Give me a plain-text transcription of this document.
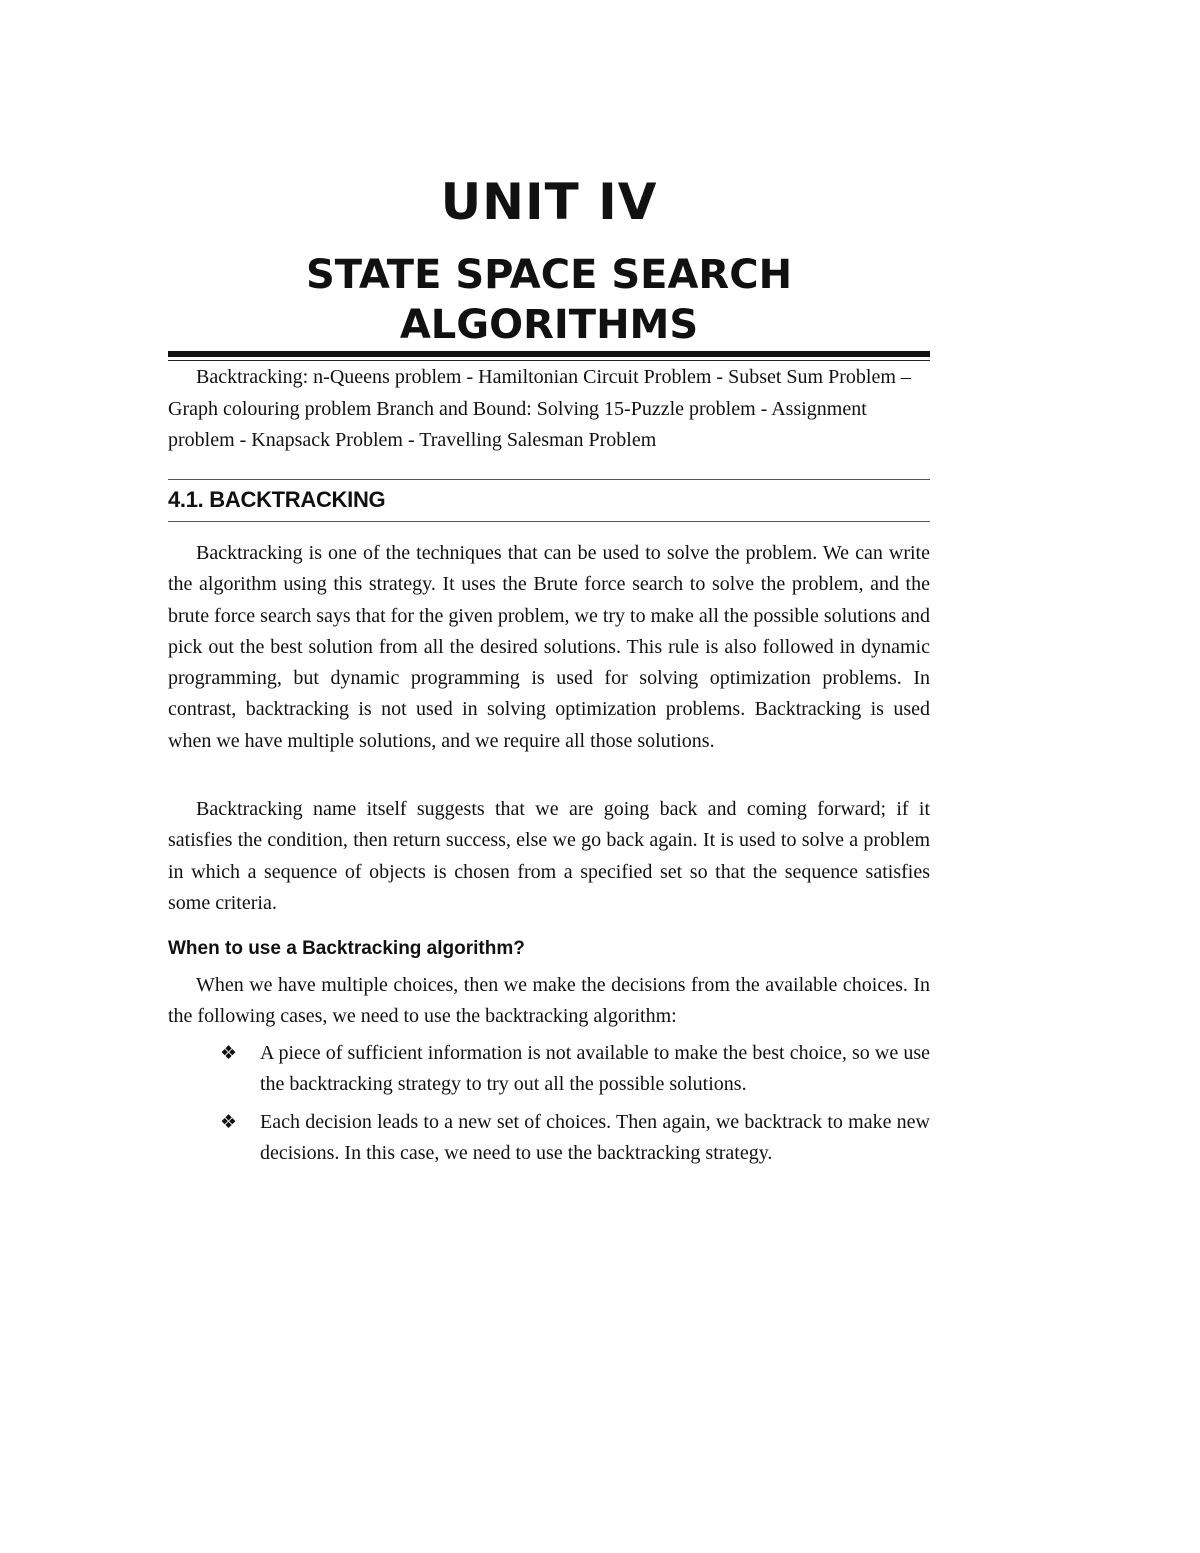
UNIT IV
STATE SPACE SEARCH ALGORITHMS

Backtracking: n-Queens problem - Hamiltonian Circuit Problem - Subset Sum Problem – Graph colouring problem Branch and Bound: Solving 15-Puzzle problem - Assignment problem - Knapsack Problem - Travelling Salesman Problem

4.1. BACKTRACKING

Backtracking is one of the techniques that can be used to solve the problem. We can write the algorithm using this strategy. It uses the Brute force search to solve the problem, and the brute force search says that for the given problem, we try to make all the possible solutions and pick out the best solution from all the desired solutions. This rule is also followed in dynamic programming, but dynamic programming is used for solving optimization problems. In contrast, backtracking is not used in solving optimization problems. Backtracking is used when we have multiple solutions, and we require all those solutions.

Backtracking name itself suggests that we are going back and coming forward; if it satisfies the condition, then return success, else we go back again. It is used to solve a problem in which a sequence of objects is chosen from a specified set so that the sequence satisfies some criteria.

When to use a Backtracking algorithm?

When we have multiple choices, then we make the decisions from the available choices. In the following cases, we need to use the backtracking algorithm:

❖ A piece of sufficient information is not available to make the best choice, so we use the backtracking strategy to try out all the possible solutions.
❖ Each decision leads to a new set of choices. Then again, we backtrack to make new decisions. In this case, we need to use the backtracking strategy.
